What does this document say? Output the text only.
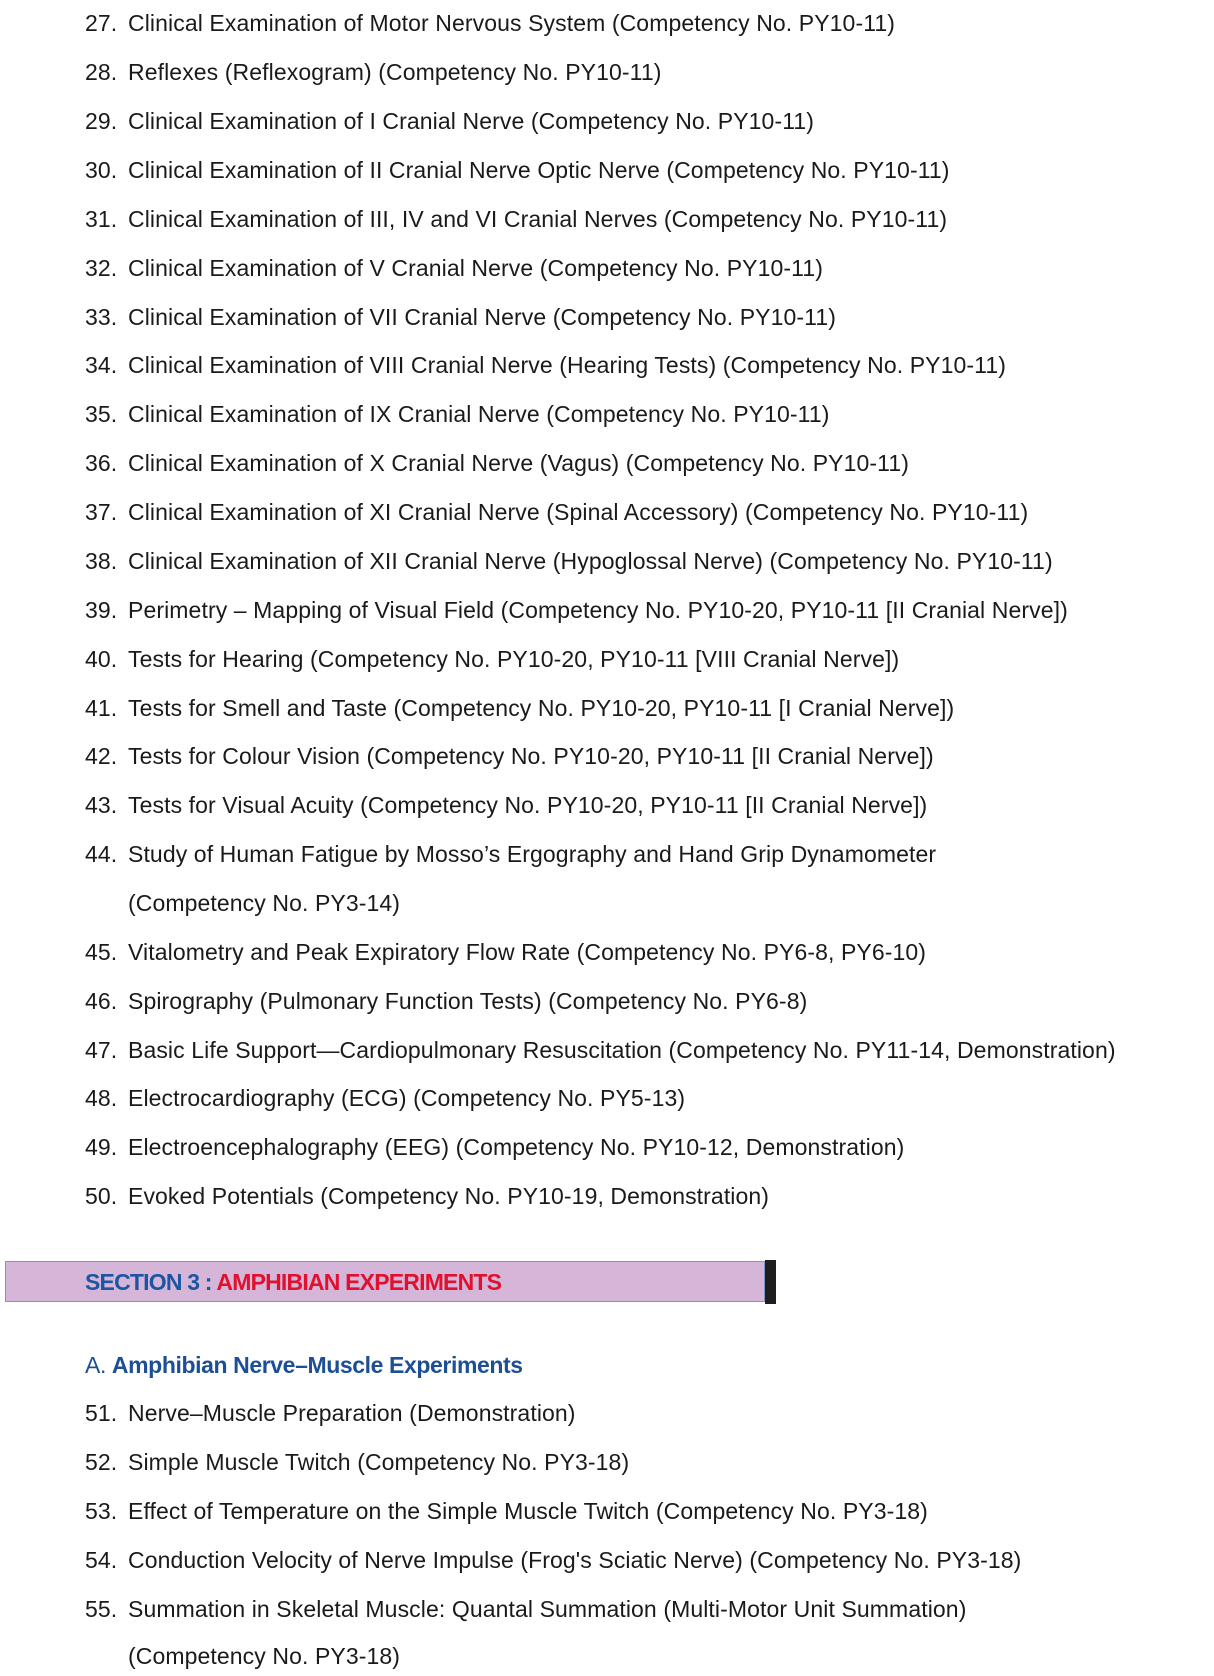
27. Clinical Examination of Motor Nervous System (Competency No. PY10-11)
28. Reflexes (Reflexogram) (Competency No. PY10-11)
29. Clinical Examination of I Cranial Nerve (Competency No. PY10-11)
30. Clinical Examination of II Cranial Nerve Optic Nerve (Competency No. PY10-11)
31. Clinical Examination of III, IV and VI Cranial Nerves (Competency No. PY10-11)
32. Clinical Examination of V Cranial Nerve (Competency No. PY10-11)
33. Clinical Examination of VII Cranial Nerve (Competency No. PY10-11)
34. Clinical Examination of VIII Cranial Nerve (Hearing Tests) (Competency No. PY10-11)
35. Clinical Examination of IX Cranial Nerve (Competency No. PY10-11)
36. Clinical Examination of X Cranial Nerve (Vagus) (Competency No. PY10-11)
37. Clinical Examination of XI Cranial Nerve (Spinal Accessory) (Competency No. PY10-11)
38. Clinical Examination of XII Cranial Nerve (Hypoglossal Nerve) (Competency No. PY10-11)
39. Perimetry – Mapping of Visual Field (Competency No. PY10-20, PY10-11 [II Cranial Nerve])
40. Tests for Hearing (Competency No. PY10-20, PY10-11 [VIII Cranial Nerve])
41. Tests for Smell and Taste (Competency No. PY10-20, PY10-11 [I Cranial Nerve])
42. Tests for Colour Vision (Competency No. PY10-20, PY10-11 [II Cranial Nerve])
43. Tests for Visual Acuity (Competency No. PY10-20, PY10-11 [II Cranial Nerve])
44. Study of Human Fatigue by Mosso’s Ergography and Hand Grip Dynamometer
(Competency No. PY3-14)
45. Vitalometry and Peak Expiratory Flow Rate (Competency No. PY6-8, PY6-10)
46. Spirography (Pulmonary Function Tests) (Competency No. PY6-8)
47. Basic Life Support—Cardiopulmonary Resuscitation (Competency No. PY11-14, Demonstration)
48. Electrocardiography (ECG) (Competency No. PY5-13)
49. Electroencephalography (EEG) (Competency No. PY10-12, Demonstration)
50. Evoked Potentials (Competency No. PY10-19, Demonstration)
SECTION 3 : AMPHIBIAN EXPERIMENTS
A. Amphibian Nerve–Muscle Experiments
51. Nerve–Muscle Preparation (Demonstration)
52. Simple Muscle Twitch (Competency No. PY3-18)
53. Effect of Temperature on the Simple Muscle Twitch (Competency No. PY3-18)
54. Conduction Velocity of Nerve Impulse (Frog's Sciatic Nerve) (Competency No. PY3-18)
55. Summation in Skeletal Muscle: Quantal Summation (Multi-Motor Unit Summation)
(Competency No. PY3-18)
